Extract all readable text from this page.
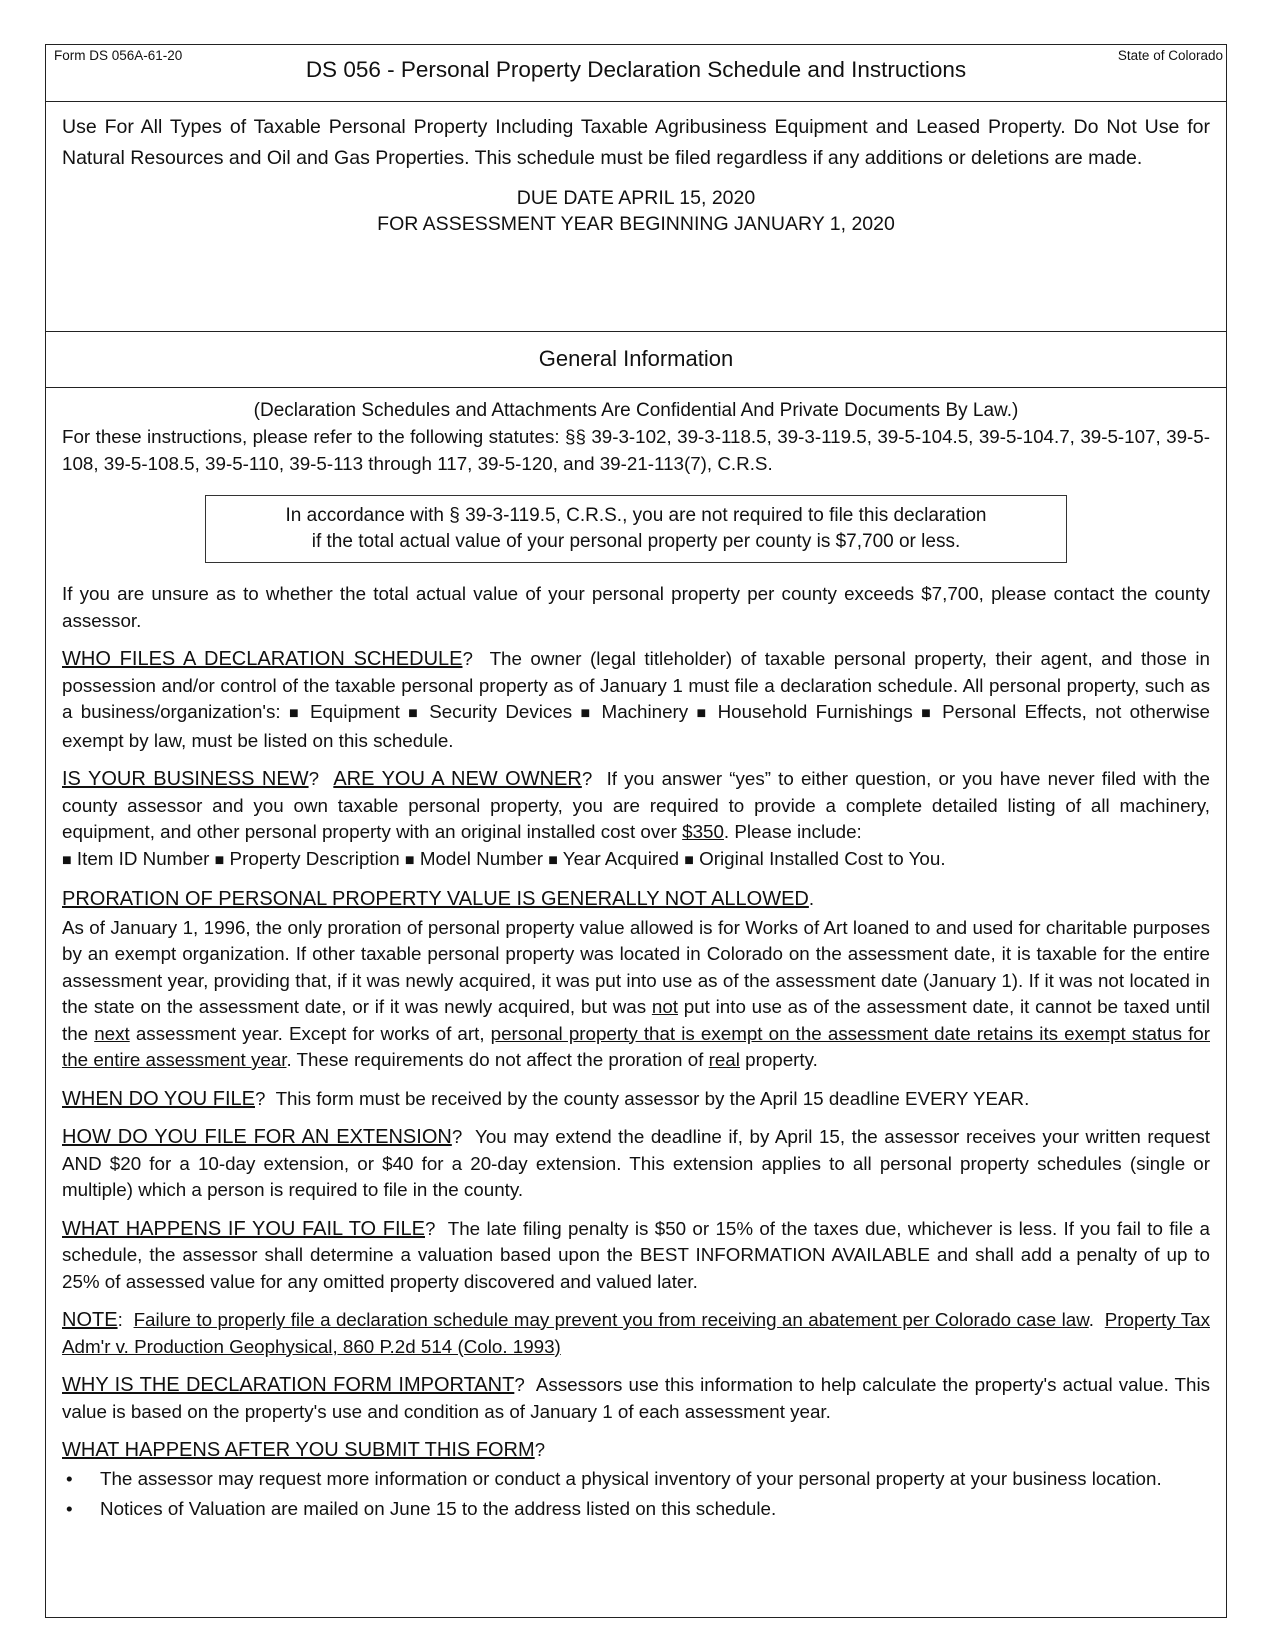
Form DS 056A-61-20
DS 056 - Personal Property Declaration Schedule and Instructions
State of Colorado

Use For All Types of Taxable Personal Property Including Taxable Agribusiness Equipment and Leased Property. Do Not Use for Natural Resources and Oil and Gas Properties. This schedule must be filed regardless if any additions or deletions are made.

DUE DATE APRIL 15, 2020
FOR ASSESSMENT YEAR BEGINNING JANUARY 1, 2020
General Information

(Declaration Schedules and Attachments Are Confidential And Private Documents By Law.)

For these instructions, please refer to the following statutes: §§ 39-3-102, 39-3-118.5, 39-3-119.5, 39-5-104.5, 39-5-104.7, 39-5-107, 39-5-108, 39-5-108.5, 39-5-110, 39-5-113 through 117, 39-5-120, and 39-21-113(7), C.R.S.

In accordance with § 39-3-119.5, C.R.S., you are not required to file this declaration
if the total actual value of your personal property per county is $7,700 or less.

If you are unsure as to whether the total actual value of your personal property per county exceeds $7,700, please contact the county assessor.

WHO FILES A DECLARATION SCHEDULE? The owner (legal titleholder) of taxable personal property, their agent, and those in possession and/or control of the taxable personal property as of January 1 must file a declaration schedule. All personal property, such as a business/organization's: ■ Equipment ■ Security Devices ■ Machinery ■ Household Furnishings ■ Personal Effects, not otherwise exempt by law, must be listed on this schedule.

IS YOUR BUSINESS NEW? ARE YOU A NEW OWNER? If you answer “yes” to either question, or you have never filed with the county assessor and you own taxable personal property, you are required to provide a complete detailed listing of all machinery, equipment, and other personal property with an original installed cost over $350. Please include:
■ Item ID Number ■ Property Description ■ Model Number ■ Year Acquired ■ Original Installed Cost to You.

PRORATION OF PERSONAL PROPERTY VALUE IS GENERALLY NOT ALLOWED.

As of January 1, 1996, the only proration of personal property value allowed is for Works of Art loaned to and used for charitable purposes by an exempt organization. If other taxable personal property was located in Colorado on the assessment date, it is taxable for the entire assessment year, providing that, if it was newly acquired, it was put into use as of the assessment date (January 1). If it was not located in the state on the assessment date, or if it was newly acquired, but was not put into use as of the assessment date, it cannot be taxed until the next assessment year. Except for works of art, personal property that is exempt on the assessment date retains its exempt status for the entire assessment year. These requirements do not affect the proration of real property.

WHEN DO YOU FILE? This form must be received by the county assessor by the April 15 deadline EVERY YEAR.

HOW DO YOU FILE FOR AN EXTENSION? You may extend the deadline if, by April 15, the assessor receives your written request AND $20 for a 10-day extension, or $40 for a 20-day extension. This extension applies to all personal property schedules (single or multiple) which a person is required to file in the county.

WHAT HAPPENS IF YOU FAIL TO FILE? The late filing penalty is $50 or 15% of the taxes due, whichever is less. If you fail to file a schedule, the assessor shall determine a valuation based upon the BEST INFORMATION AVAILABLE and shall add a penalty of up to 25% of assessed value for any omitted property discovered and valued later.

NOTE: Failure to properly file a declaration schedule may prevent you from receiving an abatement per Colorado case law. Property Tax Adm'r v. Production Geophysical, 860 P.2d 514 (Colo. 1993)

WHY IS THE DECLARATION FORM IMPORTANT? Assessors use this information to help calculate the property's actual value. This value is based on the property's use and condition as of January 1 of each assessment year.

WHAT HAPPENS AFTER YOU SUBMIT THIS FORM?

• The assessor may request more information or conduct a physical inventory of your personal property at your business location.
• Notices of Valuation are mailed on June 15 to the address listed on this schedule.
